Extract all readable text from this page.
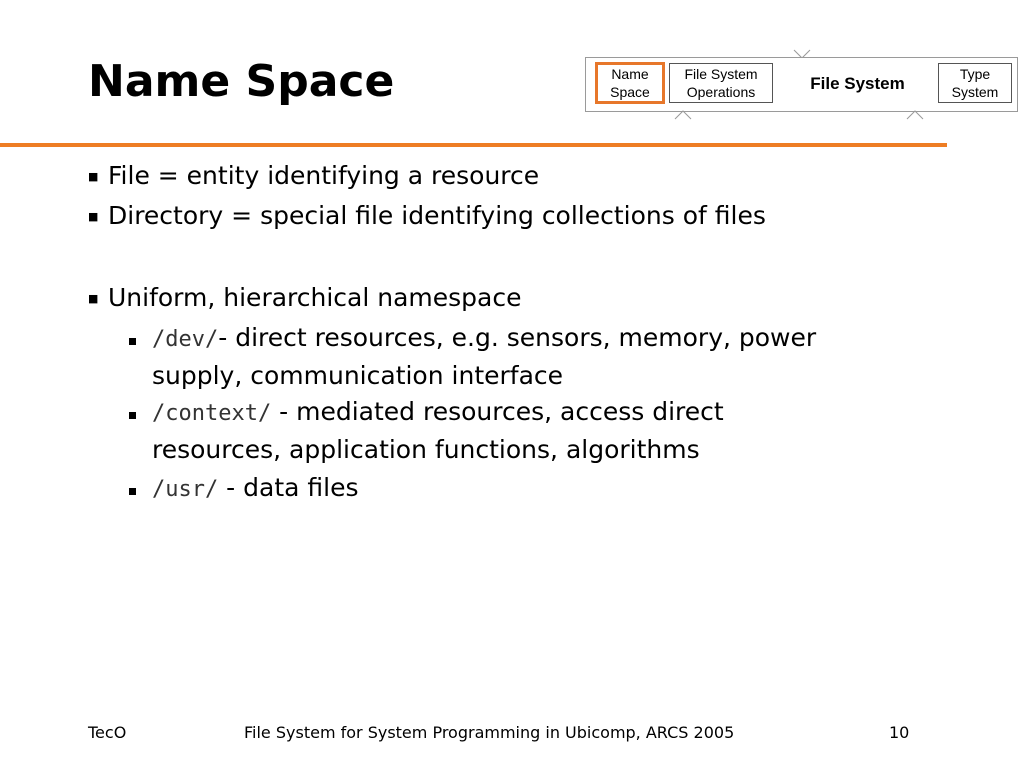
Name Space	Name
Space
File System
Operations	File System	Type
System
■ File = entity identifying a resource
■ Directory = special file identifying collections of files
■ Uniform, hierarchical namespace
/dev/- direct resources, e.g. sensors, memory, power
supply, communication interface
/context/ - mediated resources, access direct
resources, application functions, algorithms
/usr/ - data files
TecO	File System for System Programming in Ubicomp, ARCS 2005	10
